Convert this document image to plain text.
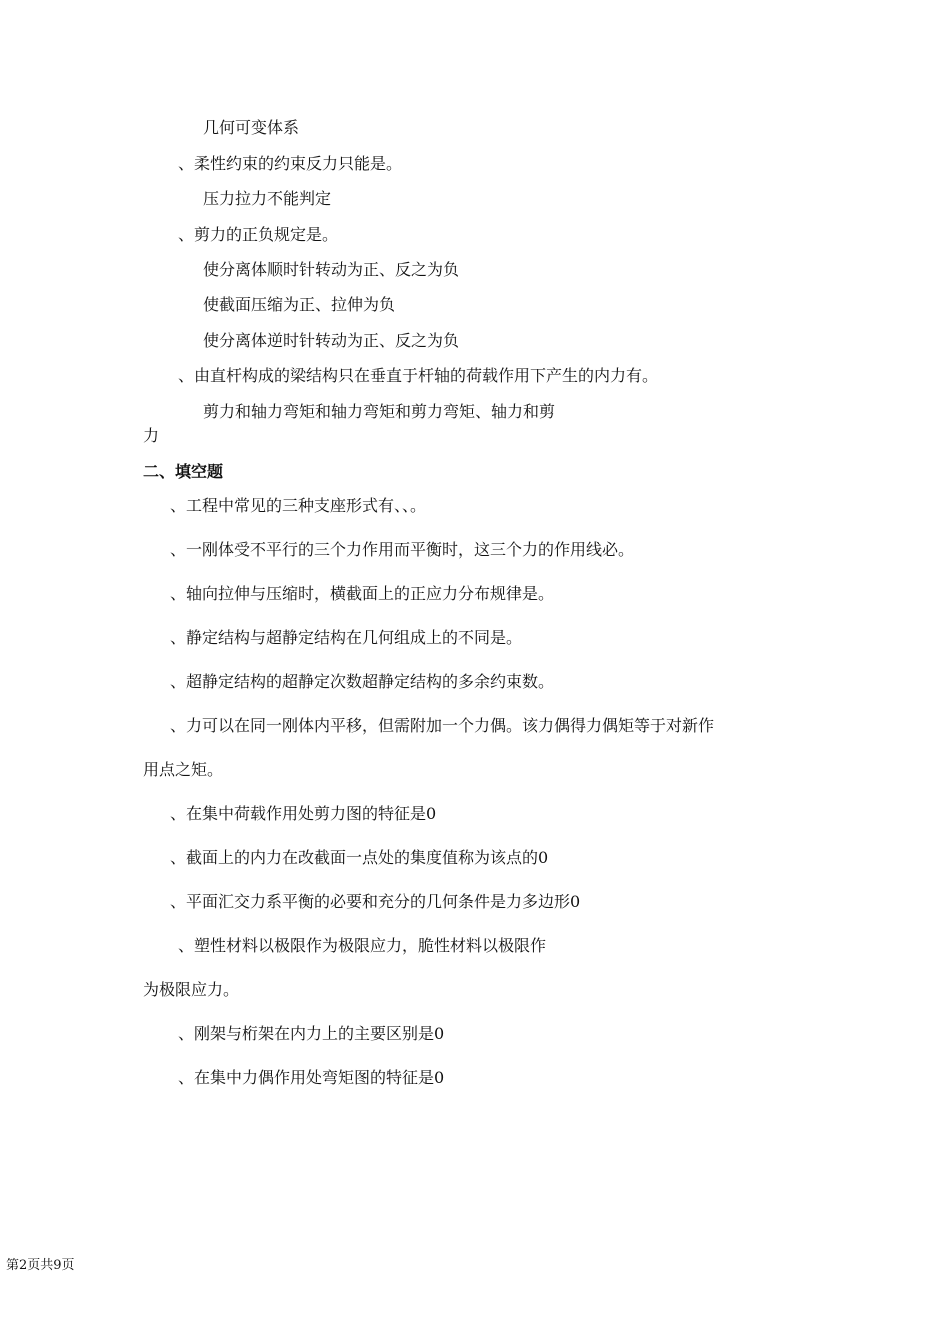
几何可变体系
、柔性约束的约束反力只能是。
压力拉力不能判定
、剪力的正负规定是。
使分离体顺时针转动为正、反之为负
使截面压缩为正、拉伸为负
使分离体逆时针转动为正、反之为负
、由直杆构成的梁结构只在垂直于杆轴的荷载作用下产生的内力有。
剪力和轴力弯矩和轴力弯矩和剪力弯矩、轴力和剪
力
二、填空题
、工程中常见的三种支座形式有、、。
、一刚体受不平行的三个力作用而平衡时，这三个力的作用线必。
、轴向拉伸与压缩时，横截面上的正应力分布规律是。
、静定结构与超静定结构在几何组成上的不同是。
、超静定结构的超静定次数超静定结构的多余约束数。
、力可以在同一刚体内平移，但需附加一个力偶。该力偶得力偶矩等于对新作
用点之矩。
、在集中荷载作用处剪力图的特征是0
、截面上的内力在改截面一点处的集度值称为该点的0
、平面汇交力系平衡的必要和充分的几何条件是力多边形0
、塑性材料以极限作为极限应力，脆性材料以极限作
为极限应力。
、刚架与桁架在内力上的主要区别是0
、在集中力偶作用处弯矩图的特征是0
第2页共9页
